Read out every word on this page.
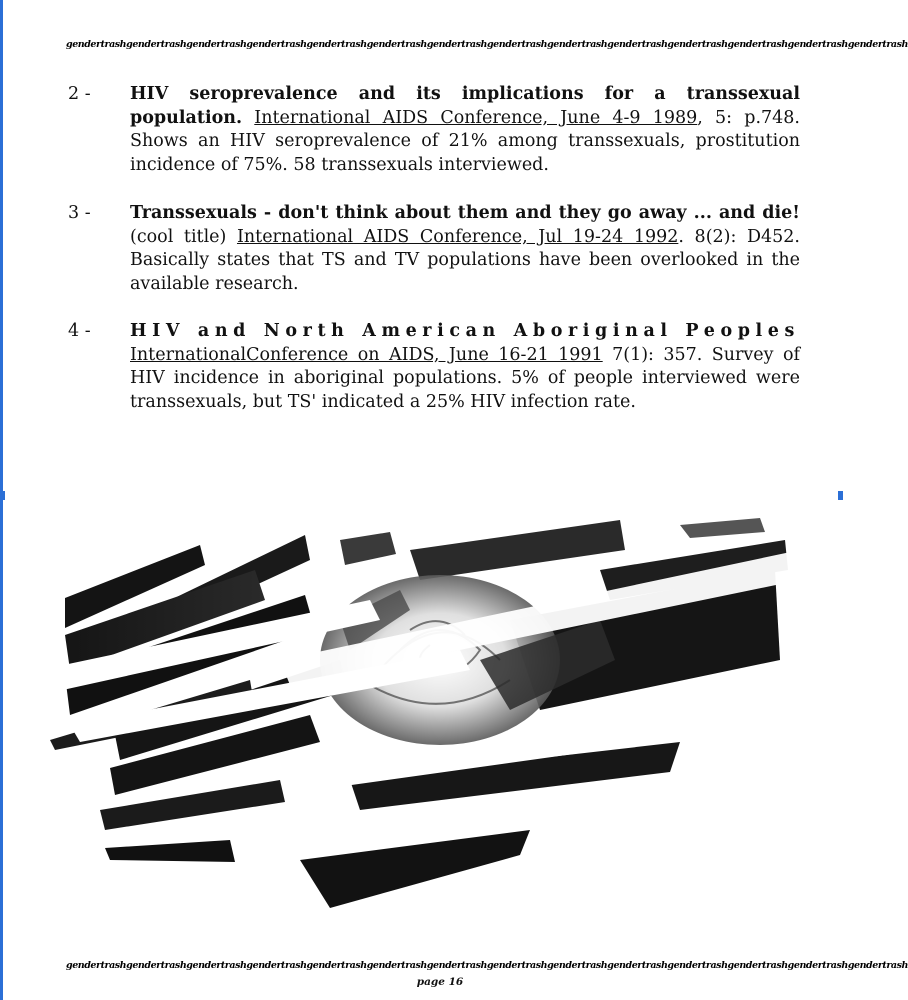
gendertrashgendertrashgendertrashgendertrashgendertrashgendertrashgendertrashgendertrashgendertrashgendertrashgendertrashgendertrashgendertrashgendertrash
2 -	HIV seroprevalence and its implications for a transsexual population. International AIDS Conference, June 4-9 1989, 5: p.748. Shows an HIV seroprevalence of 21% among transsexuals, prostitution incidence of 75%. 58 transsexuals interviewed.
3 -	Transsexuals - don't think about them and they go away ... and die! (cool title) International AIDS Conference, Jul 19-24 1992. 8(2): D452. Basically states that TS and TV populations have been overlooked in the available research.
4 -	HIV and North American Aboriginal Peoples InternationalConference on AIDS, June 16-21 1991 7(1): 357. Survey of HIV incidence in aboriginal populations. 5% of people interviewed were transsexuals, but TS' indicated a 25% HIV infection rate.
gendertrashgendertrashgendertrashgendertrashgendertrashgendertrashgendertrashgendertrashgendertrashgendertrashgendertrashgendertrashgendertrashgendertrash
page 16
